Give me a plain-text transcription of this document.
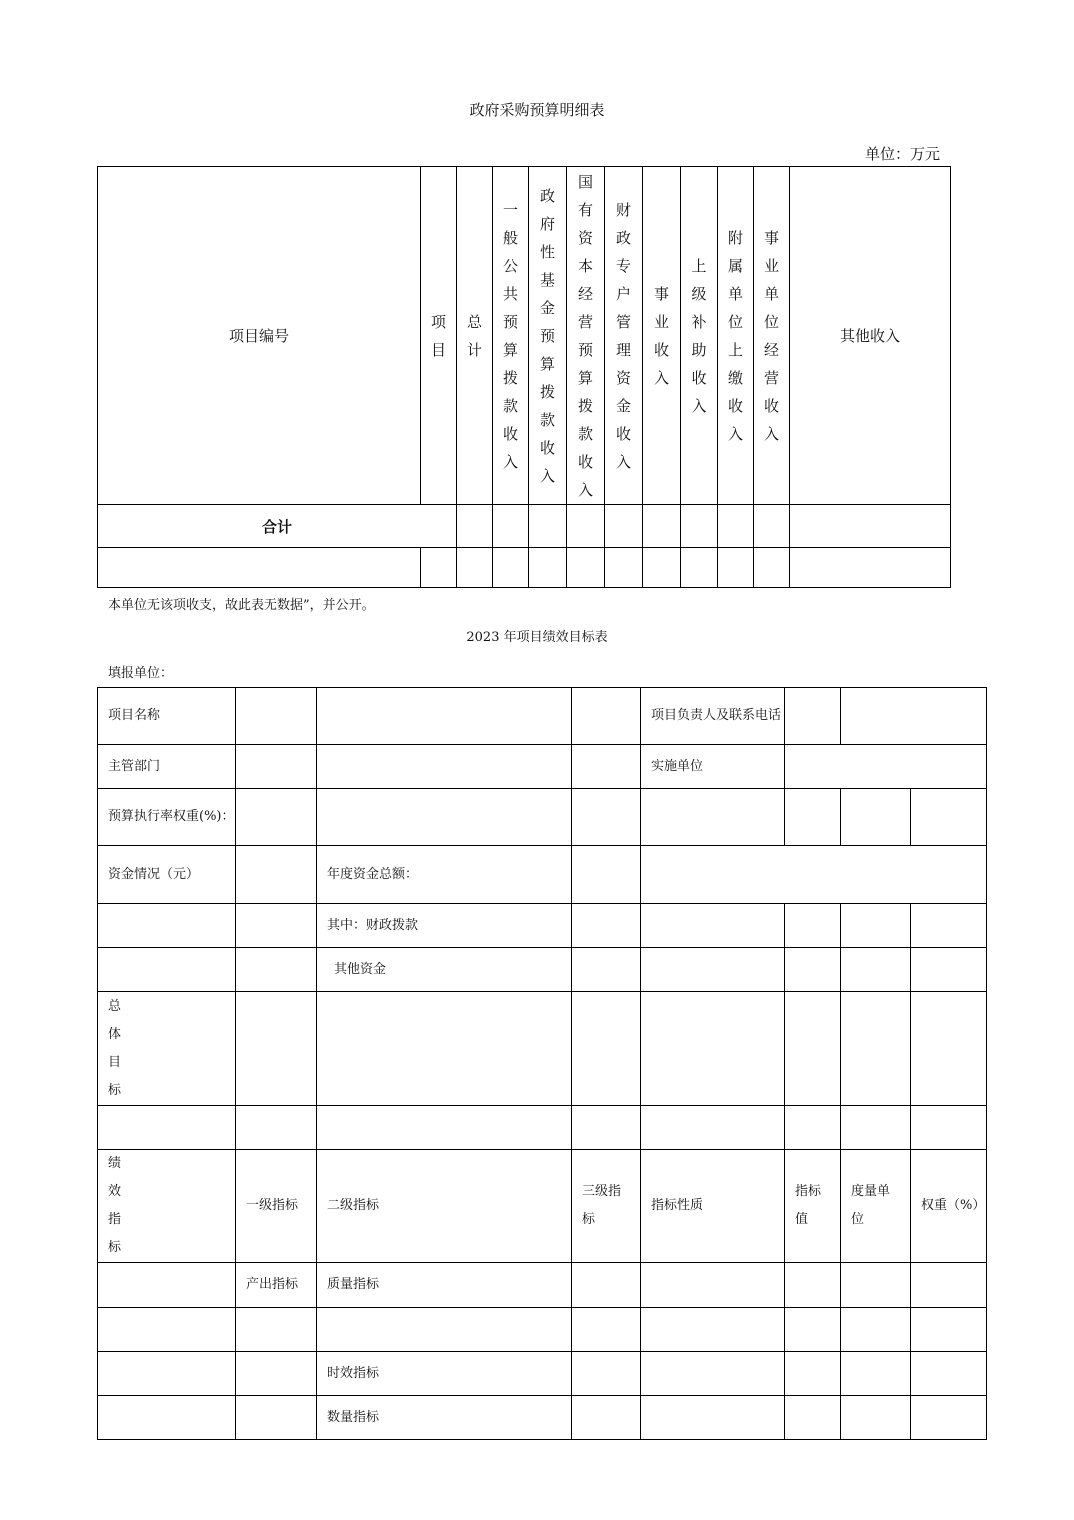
政府采购预算明细表
单位：万元
项目编号	项目	总计	一般公共预算拨款收入	政府性基金预算拨款收入	国有资本经营预算拨款收入	财政专户管理资金收入	事业收入	上级补助收入	附属单位上缴收入	事业单位经营收入	其他收入
合计											

本单位无该项收支，故此表无数据”，并公开。
2023 年项目绩效目标表
填报单位：
项目名称				项目负责人及联系电话			
主管部门				实施单位			
预算执行率权重(%)：							
资金情况（元）		年度资金总额：					
		其中：财政拨款					
		其他资金					

总体目标							

绩效指标	一级指标	二级指标	三级指标	指标性质	指标值	度量单位	权重（%）
	产出指标	质量指标					

		时效指标					
		数量指标					
